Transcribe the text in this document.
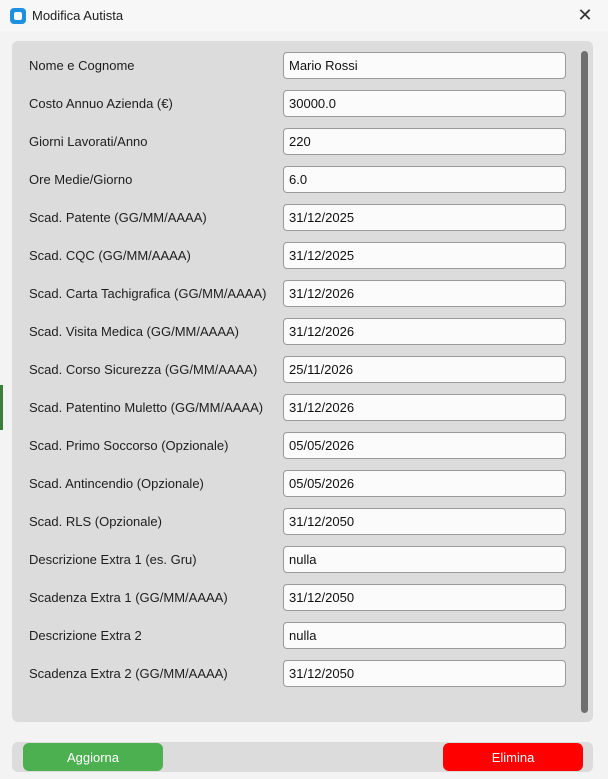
Modifica Autista	✕
Nome e Cognome
Mario Rossi
Costo Annuo Azienda (€)
30000.0
Giorni Lavorati/Anno
220
Ore Medie/Giorno
6.0
Scad. Patente (GG/MM/AAAA)
31/12/2025
Scad. CQC (GG/MM/AAAA)
31/12/2025
Scad. Carta Tachigrafica (GG/MM/AAAA)
31/12/2026
Scad. Visita Medica (GG/MM/AAAA)
31/12/2026
Scad. Corso Sicurezza (GG/MM/AAAA)
25/11/2026
Scad. Patentino Muletto (GG/MM/AAAA)
31/12/2026
Scad. Primo Soccorso (Opzionale)
05/05/2026
Scad. Antincendio (Opzionale)
05/05/2026
Scad. RLS (Opzionale)
31/12/2050
Descrizione Extra 1 (es. Gru)
nulla
Scadenza Extra 1 (GG/MM/AAAA)
31/12/2050
Descrizione Extra 2
nulla
Scadenza Extra 2 (GG/MM/AAAA)
31/12/2050
Aggiorna	Elimina
